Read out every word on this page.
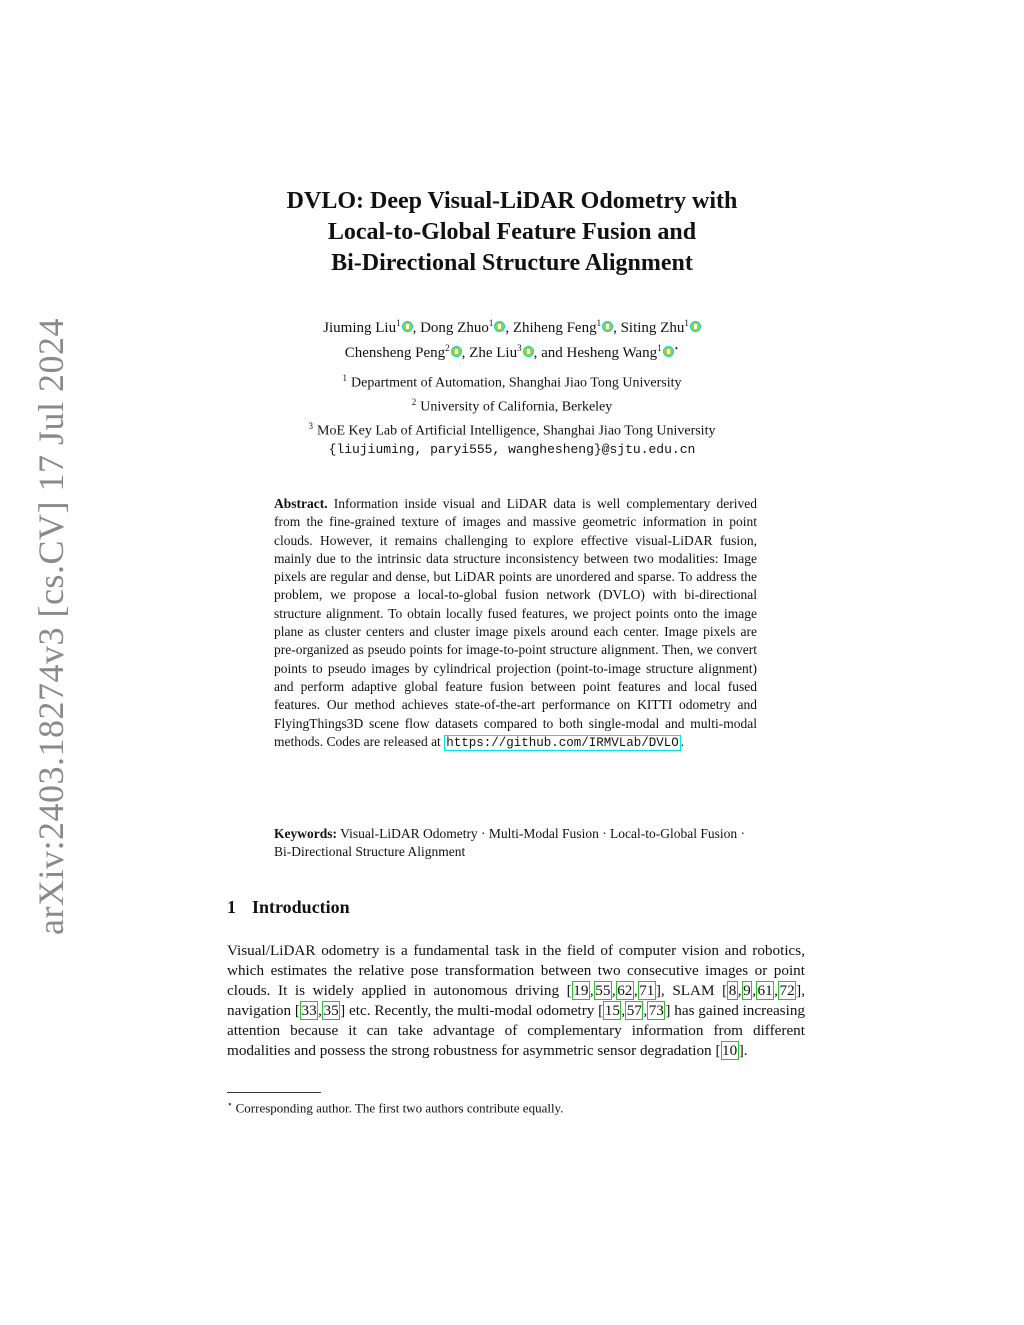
arXiv:2403.18274v3 [cs.CV] 17 Jul 2024
DVLO: Deep Visual-LiDAR Odometry with
Local-to-Global Feature Fusion and
Bi-Directional Structure Alignment
Jiuming Liu$^1$ , Dong Zhuo$^1$ , Zhiheng Feng$^1$ , Siting Zhu$^1$
Chensheng Peng$^2$ , Zhe Liu$^3$ , and Hesheng Wang$^1$ ⋆
$^1$ Department of Automation, Shanghai Jiao Tong University
$^2$ University of California, Berkeley
$^3$ MoE Key Lab of Artificial Intelligence, Shanghai Jiao Tong University
{liujiuming, paryi555, wanghesheng}@sjtu.edu.cn
Abstract. Information inside visual and LiDAR data is well complementary derived from the fine-grained texture of images and massive geometric information in point clouds. However, it remains challenging to explore effective visual-LiDAR fusion, mainly due to the intrinsic data structure inconsistency between two modalities: Image pixels are regular and dense, but LiDAR points are unordered and sparse. To address the problem, we propose a local-to-global fusion network (DVLO) with bi-directional structure alignment. To obtain locally fused features, we project points onto the image plane as cluster centers and cluster image pixels around each center. Image pixels are pre-organized as pseudo points for image-to-point structure alignment. Then, we convert points to pseudo images by cylindrical projection (point-to-image structure alignment) and perform adaptive global feature fusion between point features and local fused features. Our method achieves state-of-the-art performance on KITTI odometry and FlyingThings3D scene flow datasets compared to both single-modal and multi-modal methods. Codes are released at https://github.com/IRMVLab/DVLO .
Keywords: Visual-LiDAR Odometry · Multi-Modal Fusion · Local-to-Global Fusion · Bi-Directional Structure Alignment
1 Introduction
Visual/LiDAR odometry is a fundamental task in the field of computer vision and robotics, which estimates the relative pose transformation between two consecutive images or point clouds. It is widely applied in autonomous driving [19,55,62,71], SLAM [8,9,61,72], navigation [33,35] etc. Recently, the multi-modal odometry [15,57,73] has gained increasing attention because it can take advantage of complementary information from different modalities and possess the strong robustness for asymmetric sensor degradation [10].
⋆ Corresponding author. The first two authors contribute equally.
